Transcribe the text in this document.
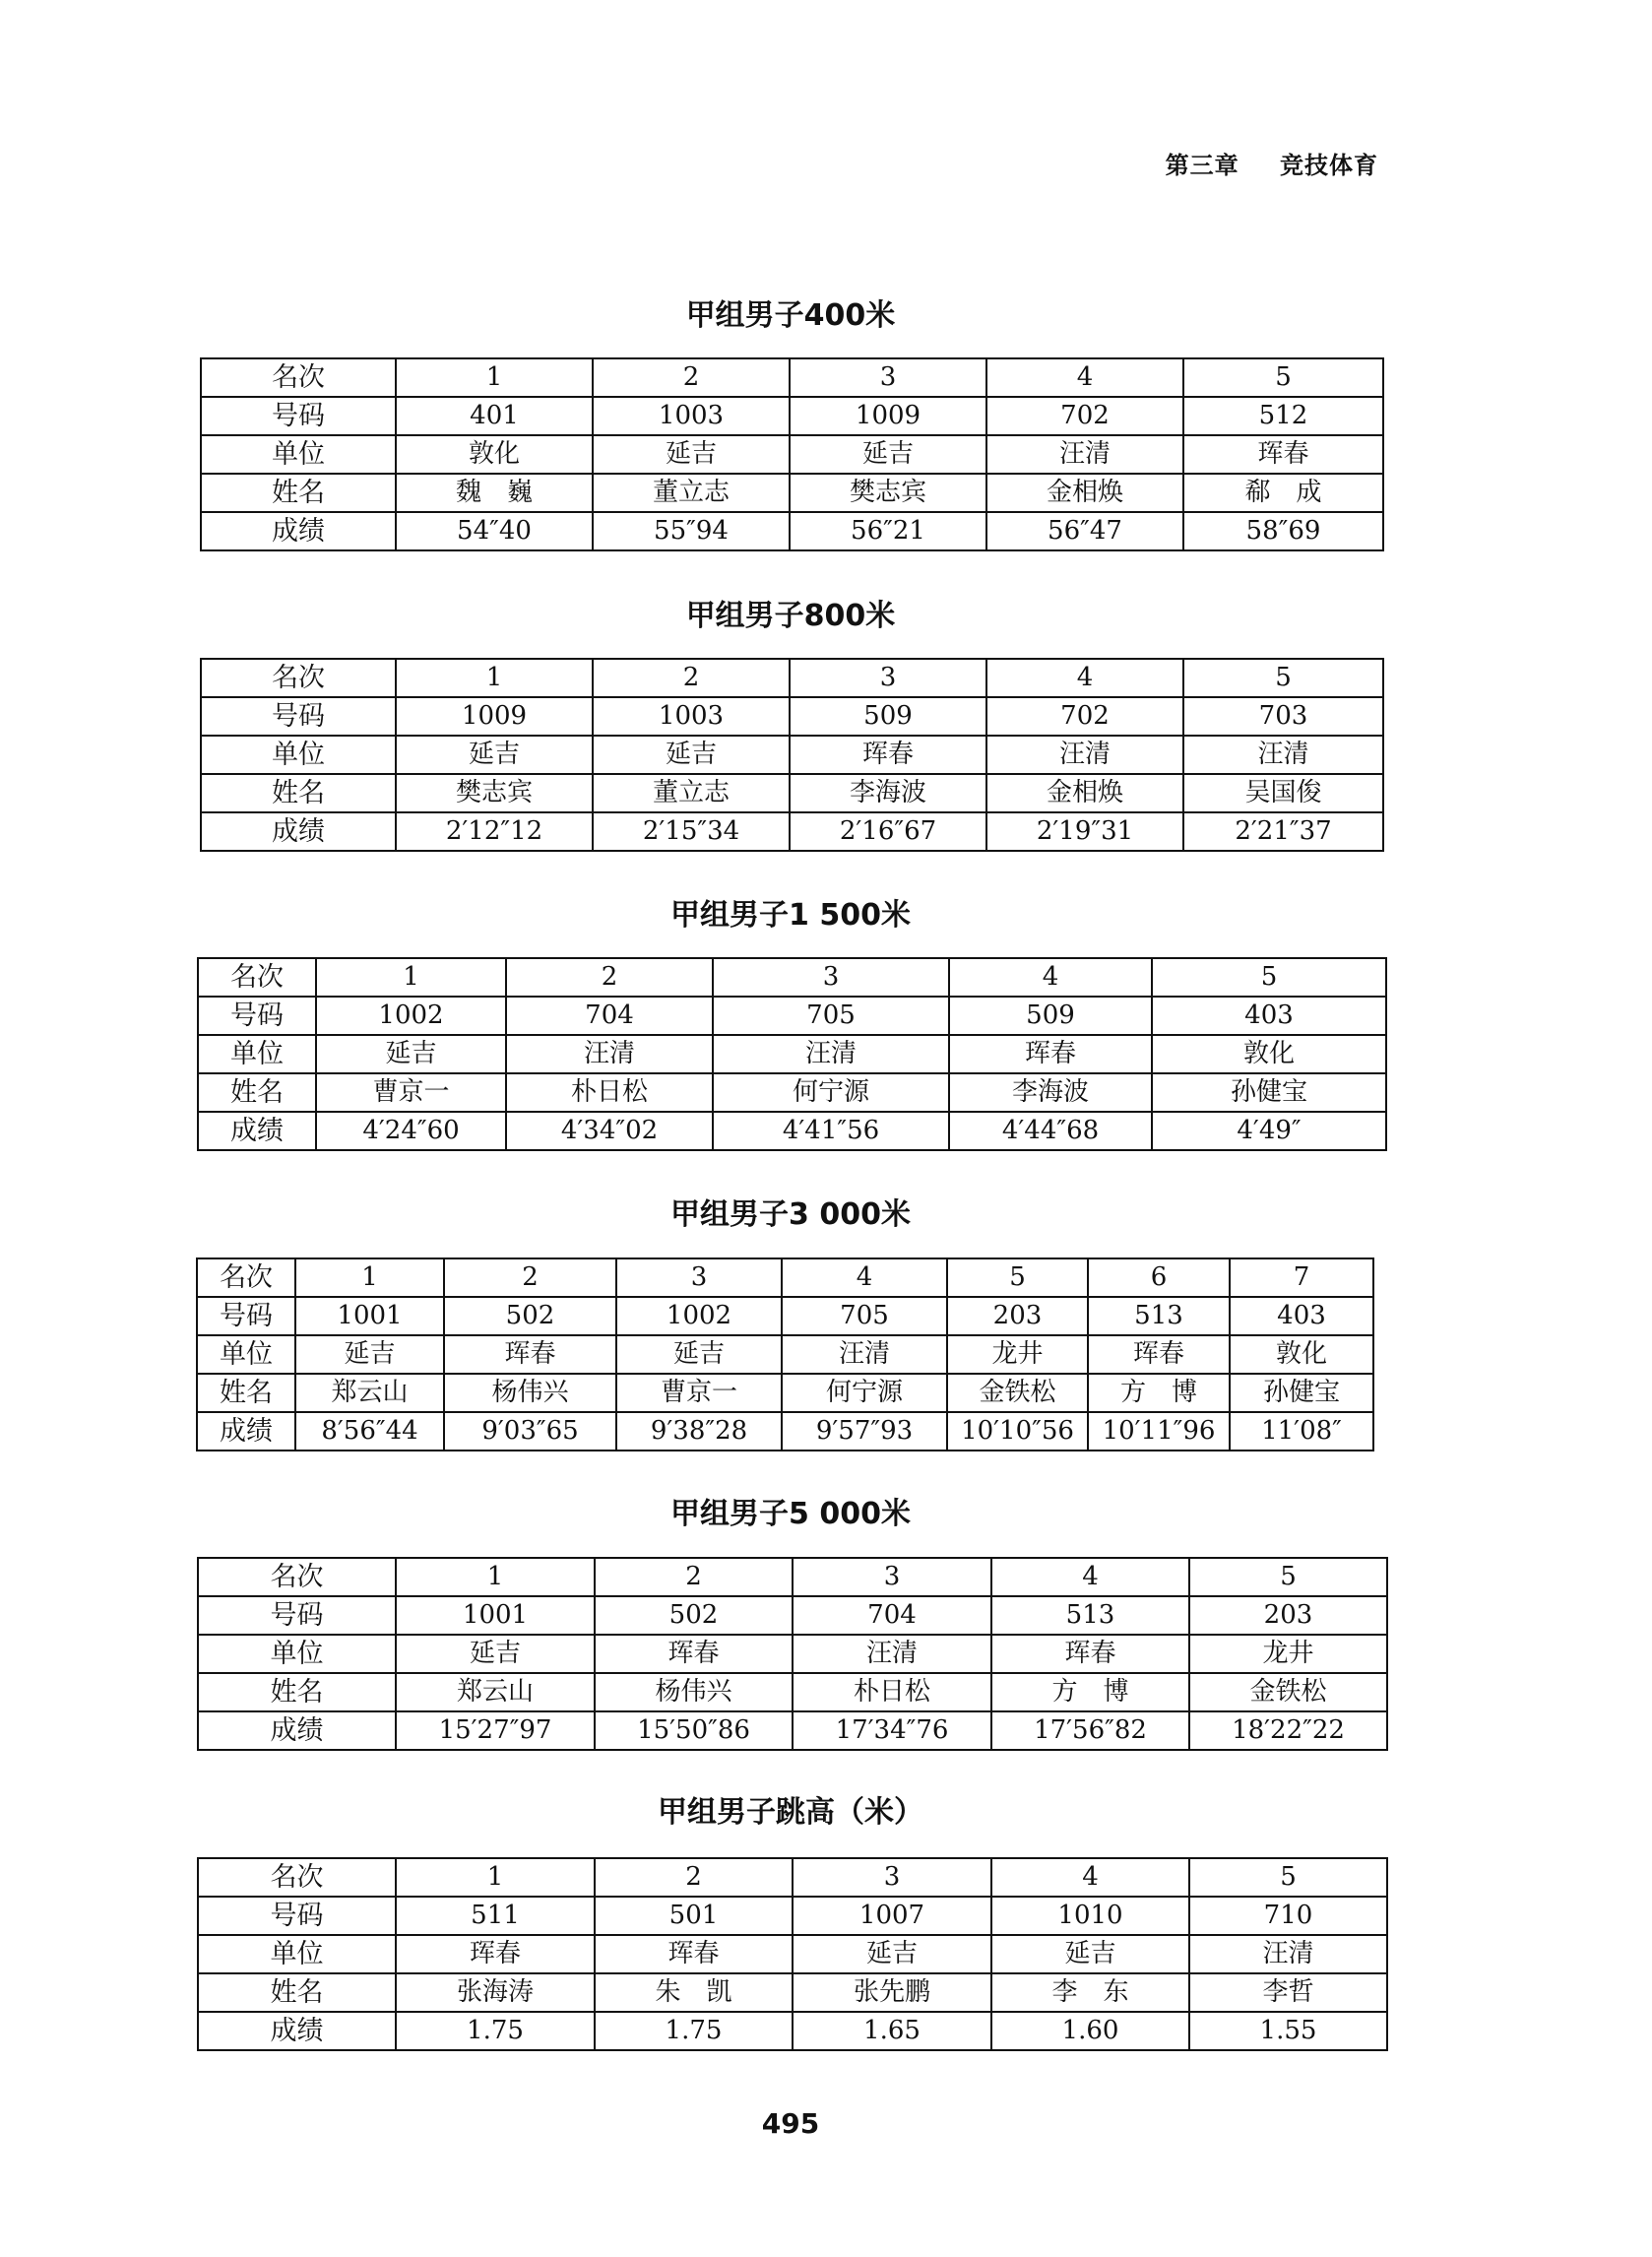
第三章 竞技体育
甲组男子400米
名次	1	2	3	4	5
号码	401	1003	1009	702	512
单位	敦化	延吉	延吉	汪清	珲春
姓名	魏　巍	董立志	樊志宾	金相焕	郗　成
成绩	54″40	55″94	56″21	56″47	58″69
甲组男子800米
名次	1	2	3	4	5
号码	1009	1003	509	702	703
单位	延吉	延吉	珲春	汪清	汪清
姓名	樊志宾	董立志	李海波	金相焕	吴国俊
成绩	2′12″12	2′15″34	2′16″67	2′19″31	2′21″37
甲组男子1 500米
名次	1	2	3	4	5
号码	1002	704	705	509	403
单位	延吉	汪清	汪清	珲春	敦化
姓名	曹京一	朴日松	何宁源	李海波	孙健宝
成绩	4′24″60	4′34″02	4′41″56	4′44″68	4′49″
甲组男子3 000米
名次	1	2	3	4	5	6	7
号码	1001	502	1002	705	203	513	403
单位	延吉	珲春	延吉	汪清	龙井	珲春	敦化
姓名	郑云山	杨伟兴	曹京一	何宁源	金铁松	方　博	孙健宝
成绩	8′56″44	9′03″65	9′38″28	9′57″93	10′10″56	10′11″96	11′08″
甲组男子5 000米
名次	1	2	3	4	5
号码	1001	502	704	513	203
单位	延吉	珲春	汪清	珲春	龙井
姓名	郑云山	杨伟兴	朴日松	方　博	金铁松
成绩	15′27″97	15′50″86	17′34″76	17′56″82	18′22″22
甲组男子跳高（米）
名次	1	2	3	4	5
号码	511	501	1007	1010	710
单位	珲春	珲春	延吉	延吉	汪清
姓名	张海涛	朱　凯	张先鹏	李　东	李哲
成绩	1.75	1.75	1.65	1.60	1.55
495
